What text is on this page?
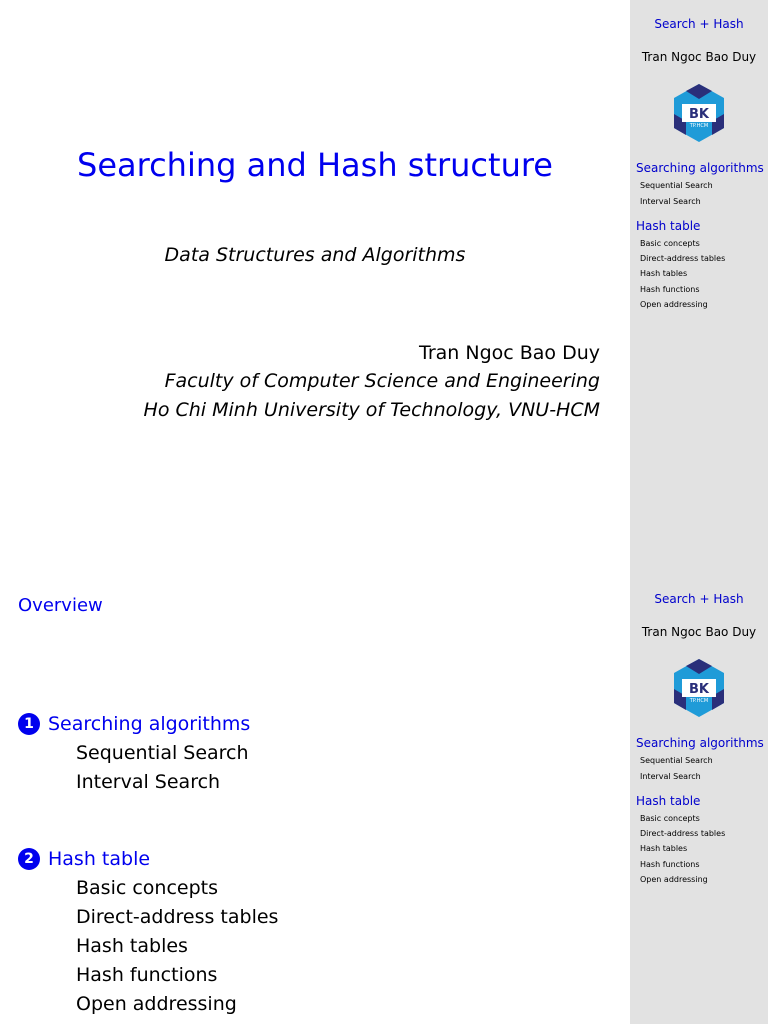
Searching and Hash structure
Data Structures and Algorithms
Tran Ngoc Bao Duy
Faculty of Computer Science and Engineering
Ho Chi Minh University of Technology, VNU-HCM
Search + Hash
Tran Ngoc Bao Duy
BK
TP.HCM
Searching algorithms
Sequential Search
Interval Search
Hash table
Basic concepts
Direct-address tables
Hash tables
Hash functions
Open addressing
Overview
1 Searching algorithms
Sequential Search
Interval Search
2 Hash table
Basic concepts
Direct-address tables
Hash tables
Hash functions
Open addressing
Search + Hash
Tran Ngoc Bao Duy
BK
TP.HCM
Searching algorithms
Sequential Search
Interval Search
Hash table
Basic concepts
Direct-address tables
Hash tables
Hash functions
Open addressing
